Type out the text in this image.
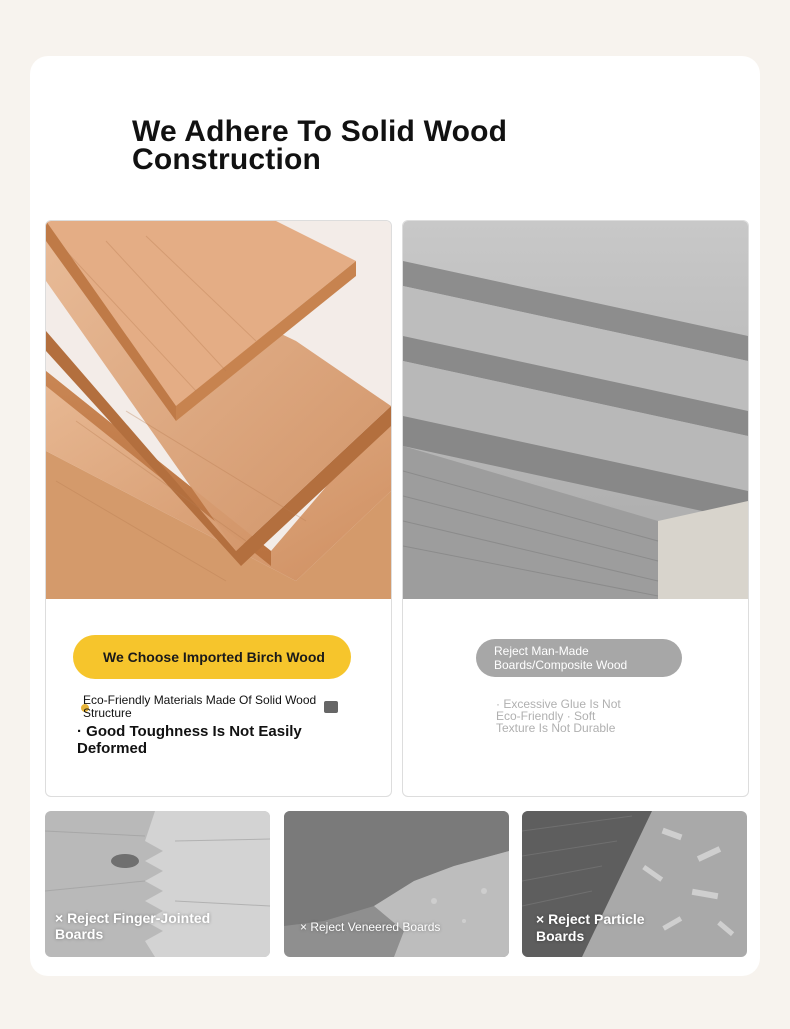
We Adhere To Solid Wood Construction
We Choose Imported Birch Wood
Eco-Friendly Materials Made Of Solid Wood Structure
· Good Toughness Is Not Easily Deformed
Reject Man-Made Boards/Composite Wood
· Excessive Glue Is Not Eco-Friendly · Soft Texture Is Not Durable
× Reject Finger-Jointed Boards	× Reject Veneered Boards	× Reject Particle Boards
